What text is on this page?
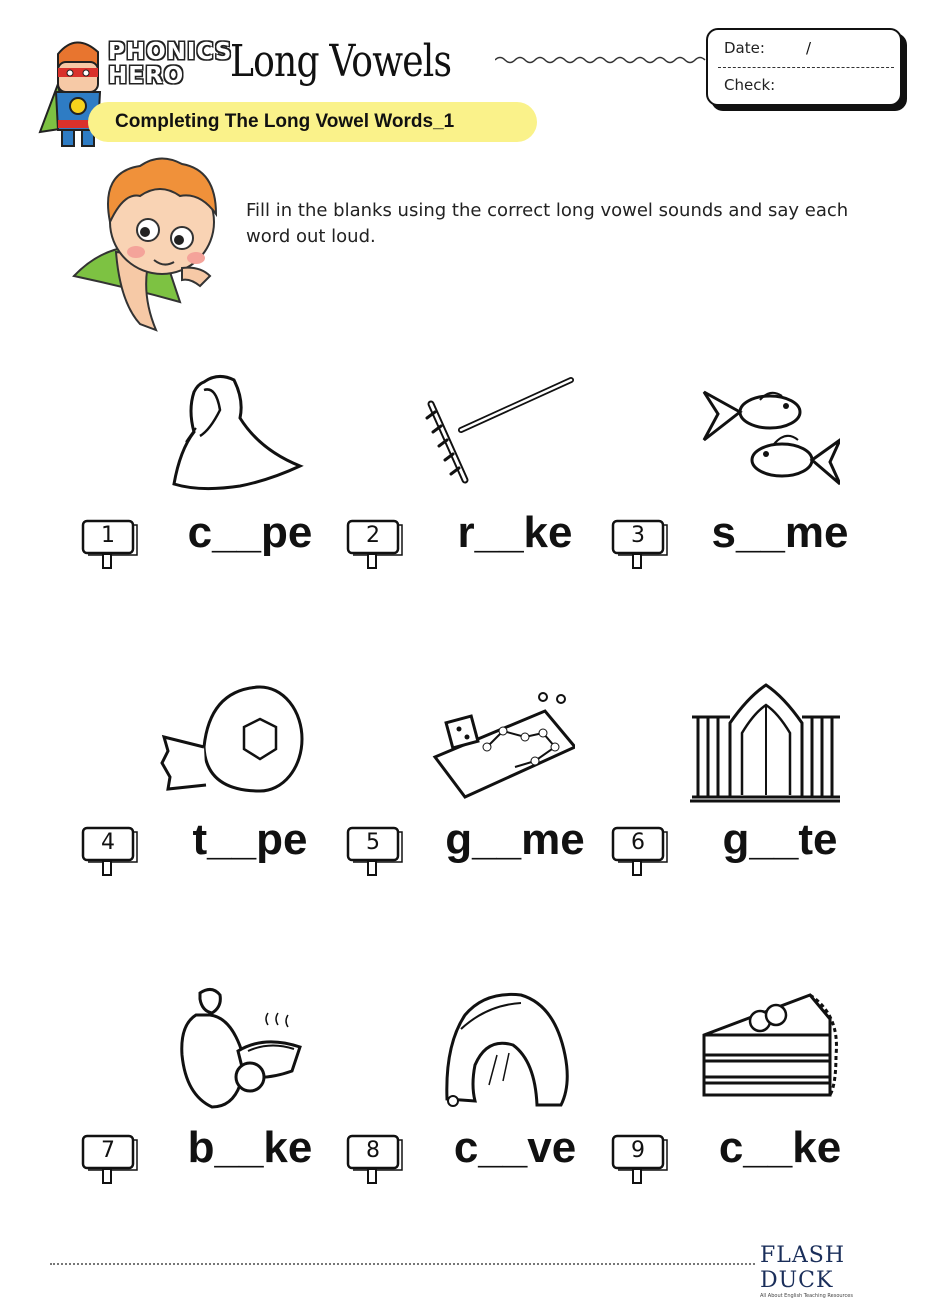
PHONICS
HERO	Long Vowels	Date:	/
Check:
Completing The Long Vowel Words_1
Fill in the blanks using the correct long vowel sounds and say each word out loud.
1	c__pe	2	r__ke	3	s__me
4	t__pe	5	g__me	6	g__te
7	b__ke	8	c__ve	9	c__ke
FLASH DUCK
All About English Teaching Resources
